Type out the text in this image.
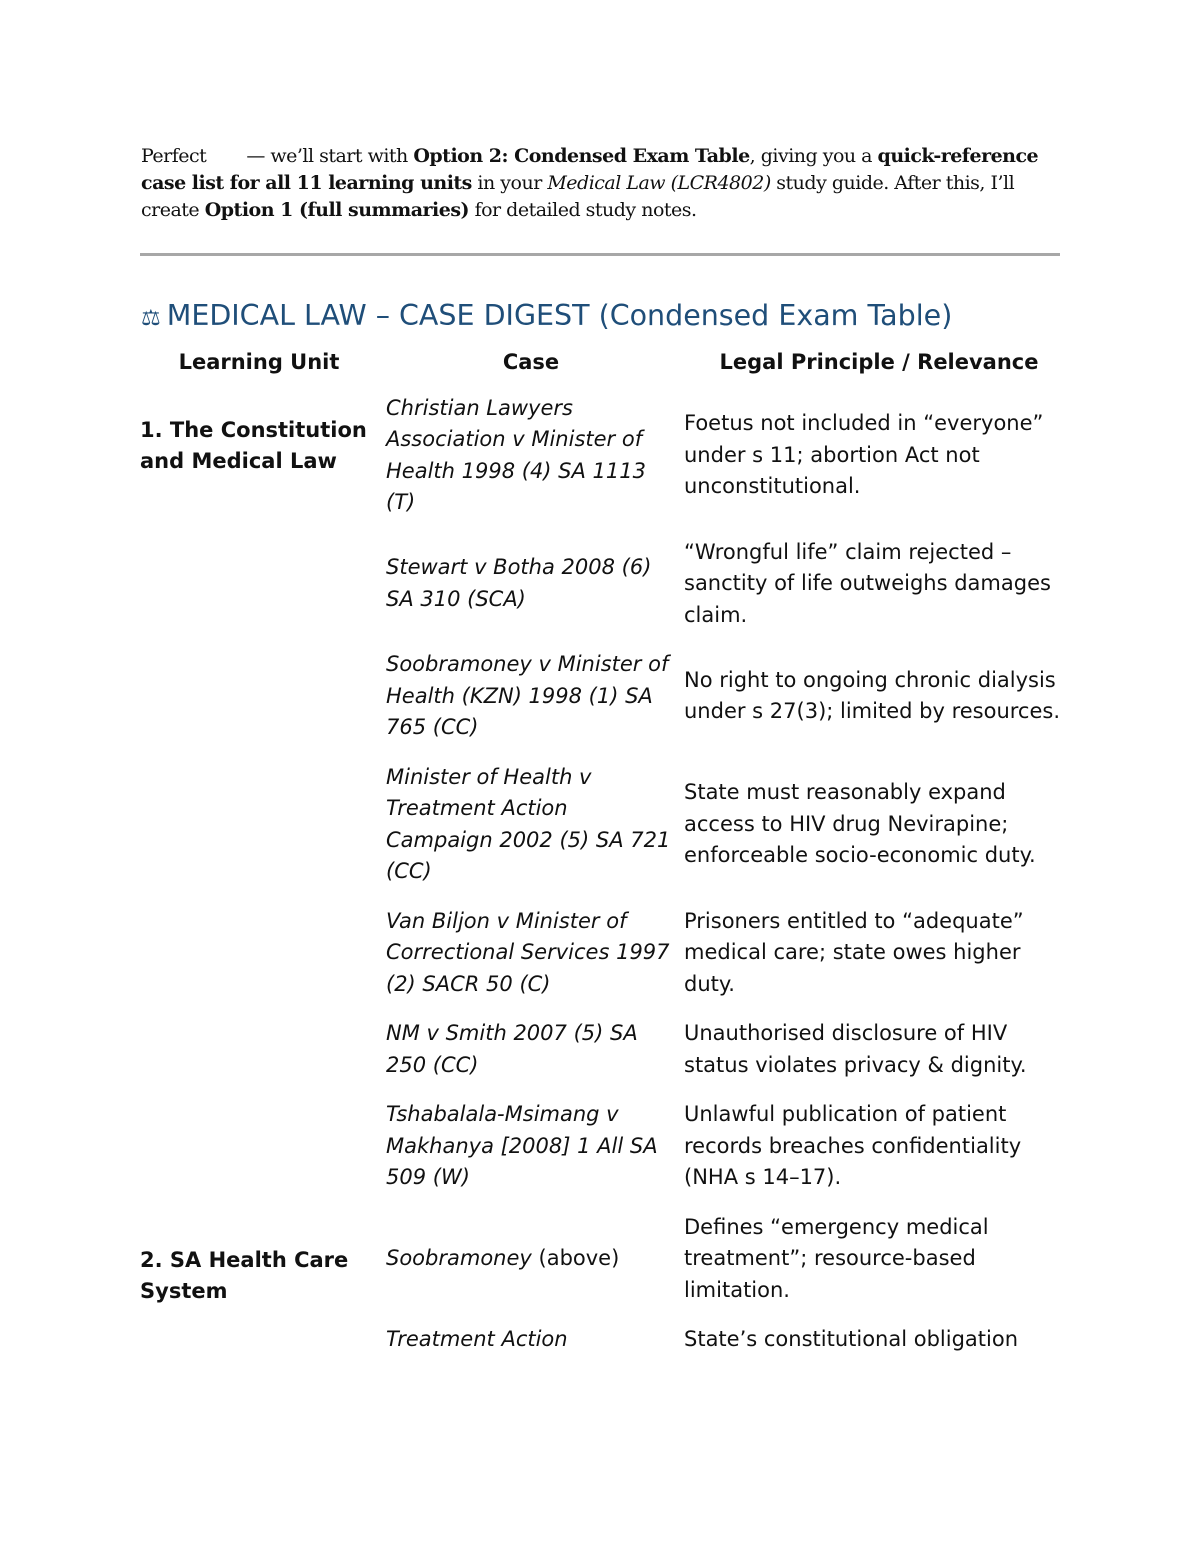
Perfect — we’ll start with Option 2: Condensed Exam Table, giving you a quick-reference case list for all 11 learning units in your Medical Law (LCR4802) study guide. After this, I’ll create Option 1 (full summaries) for detailed study notes.

⚖ MEDICAL LAW – CASE DIGEST (Condensed Exam Table)
Learning Unit	Case	Legal Principle / Relevance
1. The Constitution and Medical Law	Christian Lawyers Association v Minister of Health 1998 (4) SA 1113 (T)	Foetus not included in “everyone” under s 11; abortion Act not unconstitutional.
	Stewart v Botha 2008 (6) SA 310 (SCA)	“Wrongful life” claim rejected – sanctity of life outweighs damages claim.
	Soobramoney v Minister of Health (KZN) 1998 (1) SA 765 (CC)	No right to ongoing chronic dialysis under s 27(3); limited by resources.
	Minister of Health v Treatment Action Campaign 2002 (5) SA 721 (CC)	State must reasonably expand access to HIV drug Nevirapine; enforceable socio-economic duty.
	Van Biljon v Minister of Correctional Services 1997 (2) SACR 50 (C)	Prisoners entitled to “adequate” medical care; state owes higher duty.
	NM v Smith 2007 (5) SA 250 (CC)	Unauthorised disclosure of HIV status violates privacy & dignity.
	Tshabalala-Msimang v Makhanya [2008] 1 All SA 509 (W)	Unlawful publication of patient records breaches confidentiality (NHA s 14–17).
2. SA Health Care System	Soobramoney (above)	Defines “emergency medical treatment”; resource-based limitation.
	Treatment Action	State’s constitutional obligation
